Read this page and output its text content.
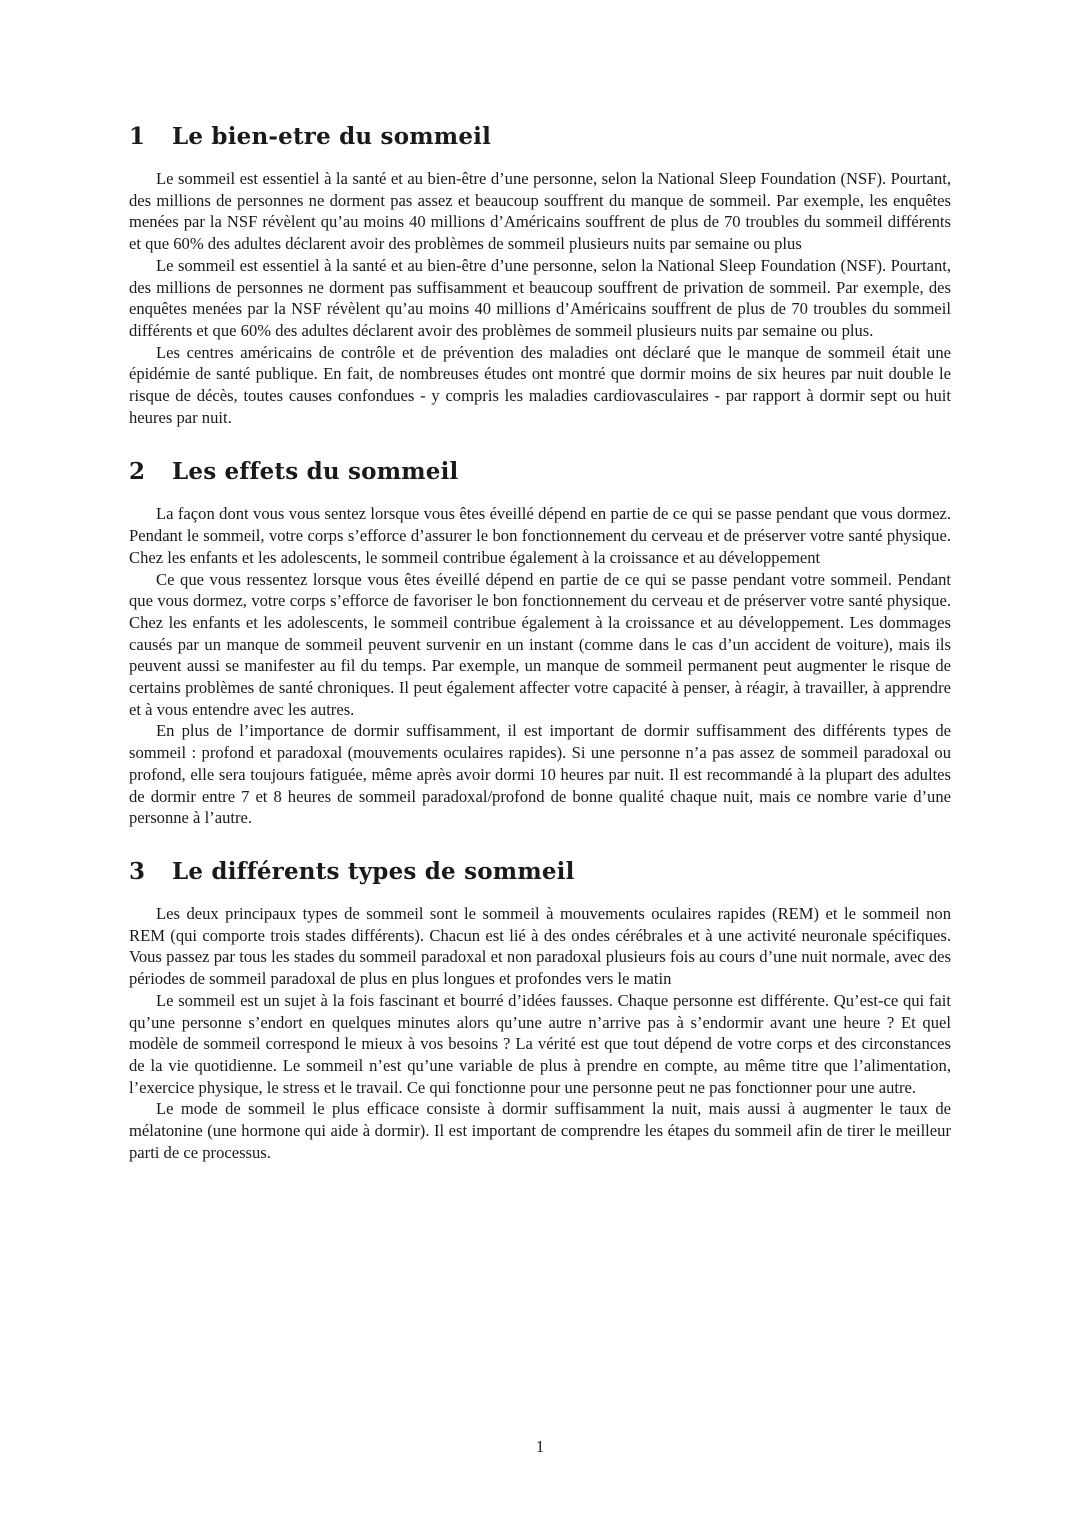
1	Le bien-etre du sommeil

Le sommeil est essentiel à la santé et au bien-être d’une personne, selon la National Sleep Foundation (NSF). Pourtant, des millions de personnes ne dorment pas assez et beaucoup souffrent du manque de sommeil. Par exemple, les enquêtes menées par la NSF révèlent qu’au moins 40 millions d’Américains souffrent de plus de 70 troubles du sommeil différents et que 60% des adultes déclarent avoir des problèmes de sommeil plusieurs nuits par semaine ou plus

Le sommeil est essentiel à la santé et au bien-être d’une personne, selon la National Sleep Foundation (NSF). Pourtant, des millions de personnes ne dorment pas suffisamment et beaucoup souffrent de privation de sommeil. Par exemple, des enquêtes menées par la NSF révèlent qu’au moins 40 millions d’Américains souffrent de plus de 70 troubles du sommeil différents et que 60% des adultes déclarent avoir des problèmes de sommeil plusieurs nuits par semaine ou plus.

Les centres américains de contrôle et de prévention des maladies ont déclaré que le manque de sommeil était une épidémie de santé publique. En fait, de nombreuses études ont montré que dormir moins de six heures par nuit double le risque de décès, toutes causes confondues - y compris les maladies cardiovasculaires - par rapport à dormir sept ou huit heures par nuit.

2	Les effets du sommeil

La façon dont vous vous sentez lorsque vous êtes éveillé dépend en partie de ce qui se passe pendant que vous dormez. Pendant le sommeil, votre corps s’efforce d’assurer le bon fonctionnement du cerveau et de préserver votre santé physique. Chez les enfants et les adolescents, le sommeil contribue également à la croissance et au développement

Ce que vous ressentez lorsque vous êtes éveillé dépend en partie de ce qui se passe pendant votre sommeil. Pendant que vous dormez, votre corps s’efforce de favoriser le bon fonctionnement du cerveau et de préserver votre santé physique. Chez les enfants et les adolescents, le sommeil contribue également à la croissance et au développement. Les dommages causés par un manque de sommeil peuvent survenir en un instant (comme dans le cas d’un accident de voiture), mais ils peuvent aussi se manifester au fil du temps. Par exemple, un manque de sommeil permanent peut augmenter le risque de certains problèmes de santé chroniques. Il peut également affecter votre capacité à penser, à réagir, à travailler, à apprendre et à vous entendre avec les autres.

En plus de l’importance de dormir suffisamment, il est important de dormir suffisamment des différents types de sommeil : profond et paradoxal (mouvements oculaires rapides). Si une personne n’a pas assez de sommeil paradoxal ou profond, elle sera toujours fatiguée, même après avoir dormi 10 heures par nuit. Il est recommandé à la plupart des adultes de dormir entre 7 et 8 heures de sommeil paradoxal/profond de bonne qualité chaque nuit, mais ce nombre varie d’une personne à l’autre.

3	Le différents types de sommeil

Les deux principaux types de sommeil sont le sommeil à mouvements oculaires rapides (REM) et le sommeil non REM (qui comporte trois stades différents). Chacun est lié à des ondes cérébrales et à une activité neuronale spécifiques. Vous passez par tous les stades du sommeil paradoxal et non paradoxal plusieurs fois au cours d’une nuit normale, avec des périodes de sommeil paradoxal de plus en plus longues et profondes vers le matin

Le sommeil est un sujet à la fois fascinant et bourré d’idées fausses. Chaque personne est différente. Qu’est-ce qui fait qu’une personne s’endort en quelques minutes alors qu’une autre n’arrive pas à s’endormir avant une heure ? Et quel modèle de sommeil correspond le mieux à vos besoins ? La vérité est que tout dépend de votre corps et des circonstances de la vie quotidienne. Le sommeil n’est qu’une variable de plus à prendre en compte, au même titre que l’alimentation, l’exercice physique, le stress et le travail. Ce qui fonctionne pour une personne peut ne pas fonctionner pour une autre.

Le mode de sommeil le plus efficace consiste à dormir suffisamment la nuit, mais aussi à augmenter le taux de mélatonine (une hormone qui aide à dormir). Il est important de comprendre les étapes du sommeil afin de tirer le meilleur parti de ce processus.

1
